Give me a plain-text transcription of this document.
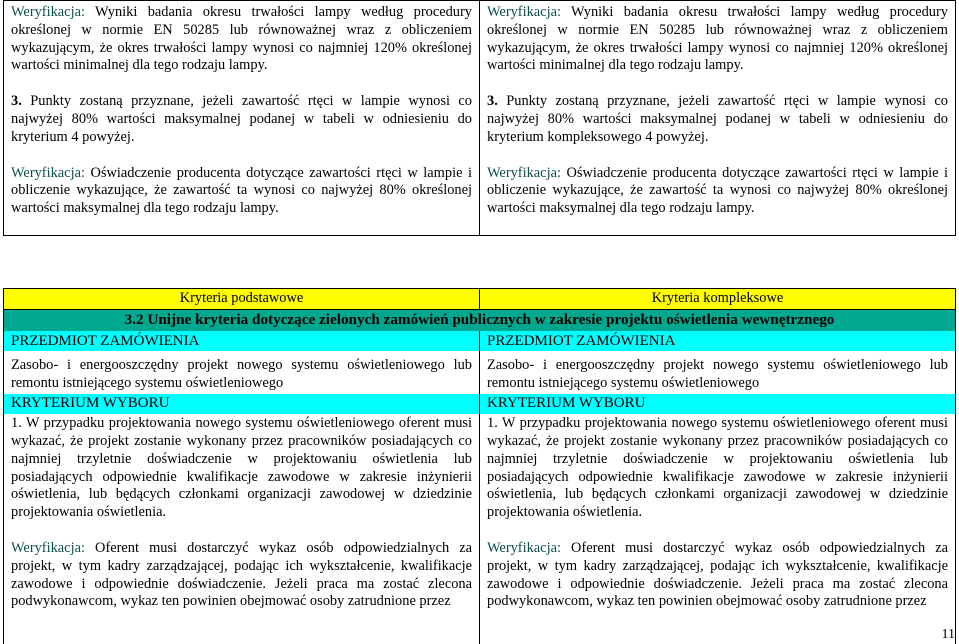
Weryfikacja: Wyniki badania okresu trwałości lampy według procedury określonej w normie EN 50285 lub równoważnej wraz z obliczeniem wykazującym, że okres trwałości lampy wynosi co najmniej 120% określonej wartości minimalnej dla tego rodzaju lampy.

3. Punkty zostaną przyznane, jeżeli zawartość rtęci w lampie wynosi co najwyżej 80% wartości maksymalnej podanej w tabeli w odniesieniu do kryterium 4 powyżej.

Weryfikacja: Oświadczenie producenta dotyczące zawartości rtęci w lampie i obliczenie wykazujące, że zawartość ta wynosi co najwyżej 80% określonej wartości maksymalnej dla tego rodzaju lampy.

Weryfikacja: Wyniki badania okresu trwałości lampy według procedury określonej w normie EN 50285 lub równoważnej wraz z obliczeniem wykazującym, że okres trwałości lampy wynosi co najmniej 120% określonej wartości minimalnej dla tego rodzaju lampy.

3. Punkty zostaną przyznane, jeżeli zawartość rtęci w lampie wynosi co najwyżej 80% wartości maksymalnej podanej w tabeli w odniesieniu do kryterium kompleksowego 4 powyżej.

Weryfikacja: Oświadczenie producenta dotyczące zawartości rtęci w lampie i obliczenie wykazujące, że zawartość ta wynosi co najwyżej 80% określonej wartości maksymalnej dla tego rodzaju lampy.

Kryteria podstawowe	Kryteria kompleksowe
3.2 Unijne kryteria dotyczące zielonych zamówień publicznych w zakresie projektu oświetlenia wewnętrznego

PRZEDMIOT ZAMÓWIENIA

Zasobo- i energooszczędny projekt nowego systemu oświetleniowego lub remontu istniejącego systemu oświetleniowego

KRYTERIUM WYBORU

1. W przypadku projektowania nowego systemu oświetleniowego oferent musi wykazać, że projekt zostanie wykonany przez pracowników posiadających co najmniej trzyletnie doświadczenie w projektowaniu oświetlenia lub posiadających odpowiednie kwalifikacje zawodowe w zakresie inżynierii oświetlenia, lub będących członkami organizacji zawodowej w dziedzinie projektowania oświetlenia.

Weryfikacja: Oferent musi dostarczyć wykaz osób odpowiedzialnych za projekt, w tym kadry zarządzającej, podając ich wykształcenie, kwalifikacje zawodowe i odpowiednie doświadczenie. Jeżeli praca ma zostać zlecona podwykonawcom, wykaz ten powinien obejmować osoby zatrudnione przez

PRZEDMIOT ZAMÓWIENIA

Zasobo- i energooszczędny projekt nowego systemu oświetleniowego lub remontu istniejącego systemu oświetleniowego

KRYTERIUM WYBORU

1. W przypadku projektowania nowego systemu oświetleniowego oferent musi wykazać, że projekt zostanie wykonany przez pracowników posiadających co najmniej trzyletnie doświadczenie w projektowaniu oświetlenia lub posiadających odpowiednie kwalifikacje zawodowe w zakresie inżynierii oświetlenia, lub będących członkami organizacji zawodowej w dziedzinie projektowania oświetlenia.

Weryfikacja: Oferent musi dostarczyć wykaz osób odpowiedzialnych za projekt, w tym kadry zarządzającej, podając ich wykształcenie, kwalifikacje zawodowe i odpowiednie doświadczenie. Jeżeli praca ma zostać zlecona podwykonawcom, wykaz ten powinien obejmować osoby zatrudnione przez

11
